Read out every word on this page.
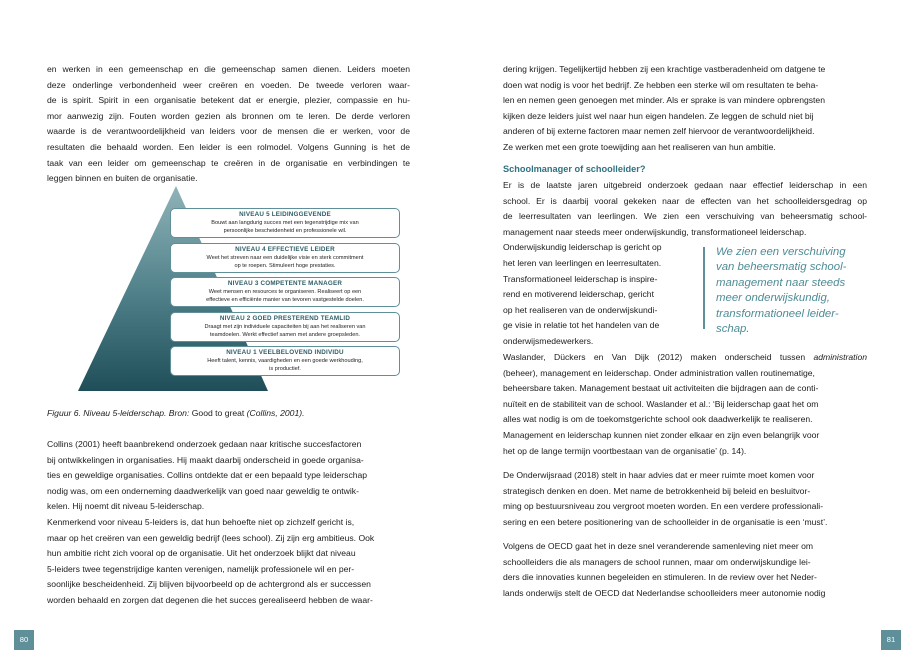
en werken in een gemeenschap en die gemeenschap samen dienen. Leiders moeten
deze onderlinge verbondenheid weer creëren en voeden. De tweede verloren waar-
de is spirit. Spirit in een organisatie betekent dat er energie, plezier, compassie en hu-
mor aanwezig zijn. Fouten worden gezien als bronnen om te leren. De derde verloren
waarde is de verantwoordelijkheid van leiders voor de mensen die er werken, voor de
resultaten die behaald worden. Een leider is een rolmodel. Volgens Gunning is het de
taak van een leider om gemeenschap te creëren in de organisatie en verbindingen te
leggen binnen en buiten de organisatie.
NIVEAU 5 LEIDINGGEVENDE
Bouwt aan langdurig succes met een tegenstrijdige mix van
persoonlijke bescheidenheid en professionele wil.
NIVEAU 4 EFFECTIEVE LEIDER
Weet het streven naar een duidelijke visie en sterk commitment
op te roepen. Stimuleert hoge prestaties.
NIVEAU 3 COMPETENTE MANAGER
Weet mensen en resources te organiseren. Realiseert op een
effectieve en efficiënte manier van tevoren vastgestelde doelen.
NIVEAU 2 GOED PRESTEREND TEAMLID
Draagt met zijn individuele capaciteiten bij aan het realiseren van
teamdoelen. Werkt effectief samen met andere groepsleden.
NIVEAU 1 VEELBELOVEND INDIVIDU
Heeft talent, kennis, vaardigheden en een goede werkhouding,
is productief.
Figuur 6. Niveau 5-leiderschap. Bron: Good to great (Collins, 2001).
Collins (2001) heeft baanbrekend onderzoek gedaan naar kritische succesfactoren
bij ontwikkelingen in organisaties. Hij maakt daarbij onderscheid in goede organisa-
ties en geweldige organisaties. Collins ontdekte dat er een bepaald type leiderschap
nodig was, om een onderneming daadwerkelijk van goed naar geweldig te ontwik-
kelen. Hij noemt dit niveau 5-leiderschap.
Kenmerkend voor niveau 5-leiders is, dat hun behoefte niet op zichzelf gericht is,
maar op het creëren van een geweldig bedrijf (lees school). Zij zijn erg ambitieus. Ook
hun ambitie richt zich vooral op de organisatie. Uit het onderzoek blijkt dat niveau
5-leiders twee tegenstrijdige kanten verenigen, namelijk professionele wil en per-
soonlijke bescheidenheid. Zij blijven bijvoorbeeld op de achtergrond als er successen
worden behaald en zorgen dat degenen die het succes gerealiseerd hebben de waar-
80	81
dering krijgen. Tegelijkertijd hebben zij een krachtige vastberadenheid om datgene te
doen wat nodig is voor het bedrijf. Ze hebben een sterke wil om resultaten te beha-
len en nemen geen genoegen met minder. Als er sprake is van mindere opbrengsten
kijken deze leiders juist wel naar hun eigen handelen. Ze leggen de schuld niet bij
anderen of bij externe factoren maar nemen zelf hiervoor de verantwoordelijkheid.
Ze werken met een grote toewijding aan het realiseren van hun ambitie.
Schoolmanager of schoolleider?
Er is de laatste jaren uitgebreid onderzoek gedaan naar effectief leiderschap in een
school. Er is daarbij vooral gekeken naar de effecten van het schoolleidersgedrag op
de leerresultaten van leerlingen. We zien een verschuiving van beheersmatig school-
management naar steeds meer onderwijskundig, transformationeel leiderschap.
Onderwijskundig leiderschap is gericht op
het leren van leerlingen en leerresultaten.
Transformationeel leiderschap is inspire-
rend en motiverend leiderschap, gericht
op het realiseren van de onderwijskundi-
ge visie in relatie tot het handelen van de
onderwijsmedewerkers.
We zien een verschuiving
van beheersmatig school-
management naar steeds
meer onderwijskundig,
transformationeel leider-
schap.
Waslander, Dückers en Van Dijk (2012) maken onderscheid tussen administration
(beheer), management en leiderschap. Onder administration vallen routinematige,
beheersbare taken. Management bestaat uit activiteiten die bijdragen aan de conti-
nuïteit en de stabiliteit van de school. Waslander et al.: ‘Bij leiderschap gaat het om
alles wat nodig is om de toekomstgerichte school ook daadwerkelijk te realiseren.
Management en leiderschap kunnen niet zonder elkaar en zijn even belangrijk voor
het op de lange termijn voortbestaan van de organisatie’ (p. 14).
De Onderwijsraad (2018) stelt in haar advies dat er meer ruimte moet komen voor
strategisch denken en doen. Met name de betrokkenheid bij beleid en besluitvor-
ming op bestuursniveau zou vergroot moeten worden. En een verdere professionali-
sering en een betere positionering van de schoolleider in de organisatie is een ‘must’.
Volgens de OECD gaat het in deze snel veranderende samenleving niet meer om
schoolleiders die als managers de school runnen, maar om onderwijskundige lei-
ders die innovaties kunnen begeleiden en stimuleren. In de review over het Neder-
lands onderwijs stelt de OECD dat Nederlandse schoolleiders meer autonomie nodig
